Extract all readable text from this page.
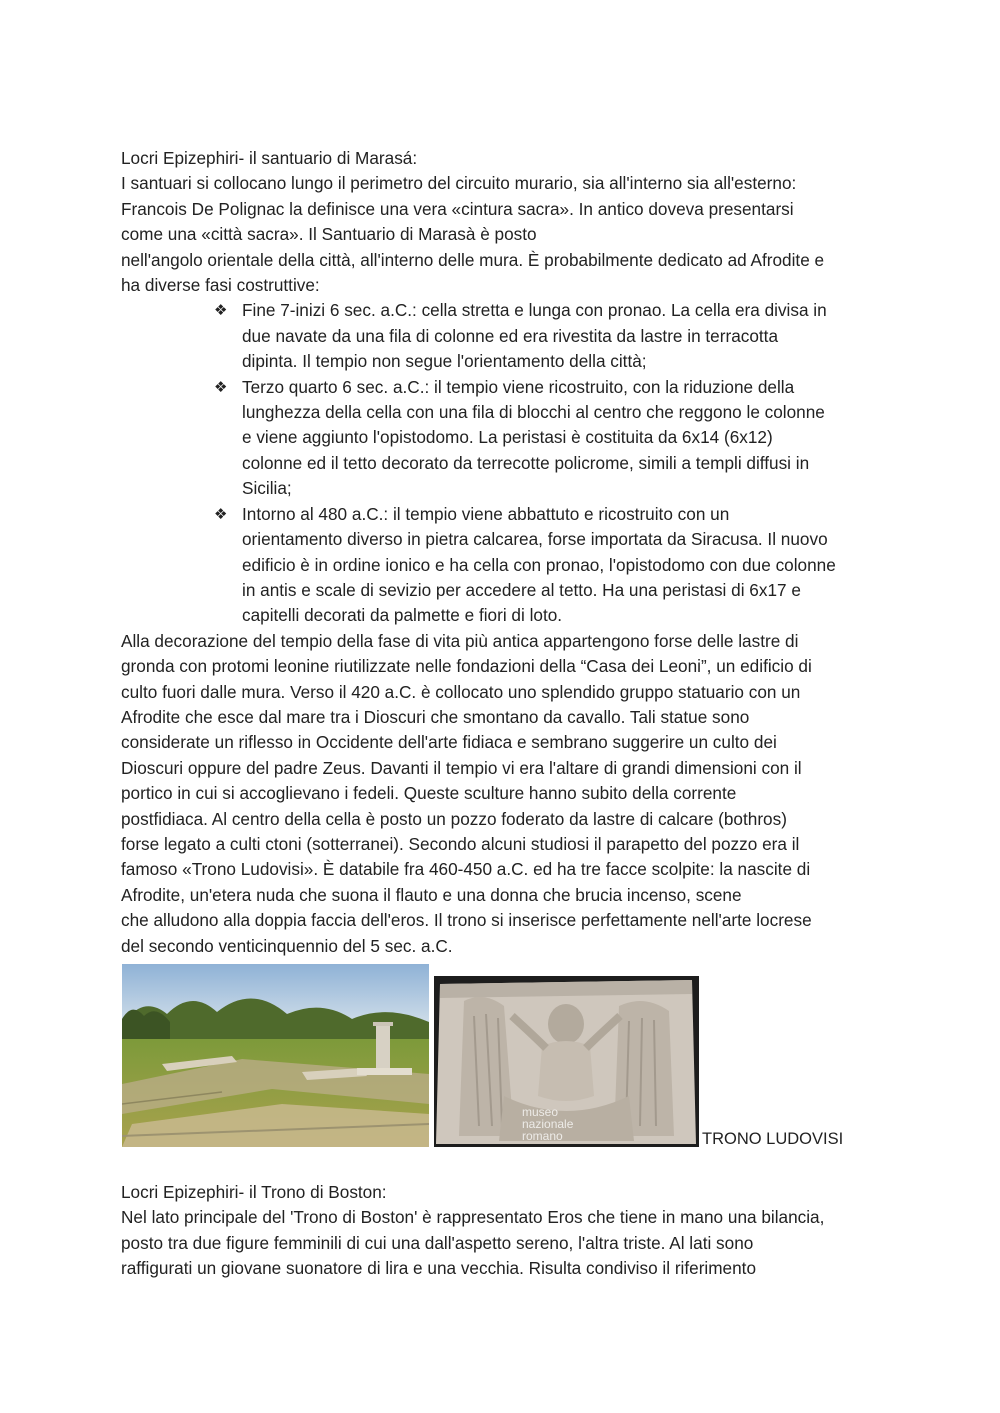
Locri Epizephiri- il santuario di Marasá:
I santuari si collocano lungo il perimetro del circuito murario, sia all'interno sia all'esterno:
Francois De Polignac la definisce una vera «cintura sacra». In antico doveva presentarsi
come una «città sacra». Il Santuario di Marasà è posto
nell'angolo orientale della città, all'interno delle mura. È probabilmente dedicato ad Afrodite e
ha diverse fasi costruttive:
❖ Fine 7-inizi 6 sec. a.C.: cella stretta e lunga con pronao. La cella era divisa in
due navate da una fila di colonne ed era rivestita da lastre in terracotta
dipinta. Il tempio non segue l'orientamento della città;
❖ Terzo quarto 6 sec. a.C.: il tempio viene ricostruito, con la riduzione della
lunghezza della cella con una fila di blocchi al centro che reggono le colonne
e viene aggiunto l'opistodomo. La peristasi è costituita da 6x14 (6x12)
colonne ed il tetto decorato da terrecotte policrome, simili a templi diffusi in
Sicilia;
❖ Intorno al 480 a.C.: il tempio viene abbattuto e ricostruito con un
orientamento diverso in pietra calcarea, forse importata da Siracusa. Il nuovo
edificio è in ordine ionico e ha cella con pronao, l'opistodomo con due colonne
in antis e scale di sevizio per accedere al tetto. Ha una peristasi di 6x17 e
capitelli decorati da palmette e fiori di loto.
Alla decorazione del tempio della fase di vita più antica appartengono forse delle lastre di
gronda con protomi leonine riutilizzate nelle fondazioni della “Casa dei Leoni”, un edificio di
culto fuori dalle mura. Verso il 420 a.C. è collocato uno splendido gruppo statuario con un
Afrodite che esce dal mare tra i Dioscuri che smontano da cavallo. Tali statue sono
considerate un riflesso in Occidente dell'arte fidiaca e sembrano suggerire un culto dei
Dioscuri oppure del padre Zeus. Davanti il tempio vi era l'altare di grandi dimensioni con il
portico in cui si accoglievano i fedeli. Queste sculture hanno subito della corrente
postfidiaca. Al centro della cella è posto un pozzo foderato da lastre di calcare (bothros)
forse legato a culti ctoni (sotterranei). Secondo alcuni studiosi il parapetto del pozzo era il
famoso «Trono Ludovisi». È databile fra 460-450 a.C. ed ha tre facce scolpite: la nascite di
Afrodite, un'etera nuda che suona il flauto e una donna che brucia incenso, scene
che alludono alla doppia faccia dell'eros. Il trono si inserisce perfettamente nell'arte locrese
del secondo venticinquennio del 5 sec. a.C.
museo
nazionale
romano	TRONO LUDOVISI
Locri Epizephiri- il Trono di Boston:
Nel lato principale del 'Trono di Boston' è rappresentato Eros che tiene in mano una bilancia,
posto tra due figure femminili di cui una dall'aspetto sereno, l'altra triste. Al lati sono
raffigurati un giovane suonatore di lira e una vecchia. Risulta condiviso il riferimento
